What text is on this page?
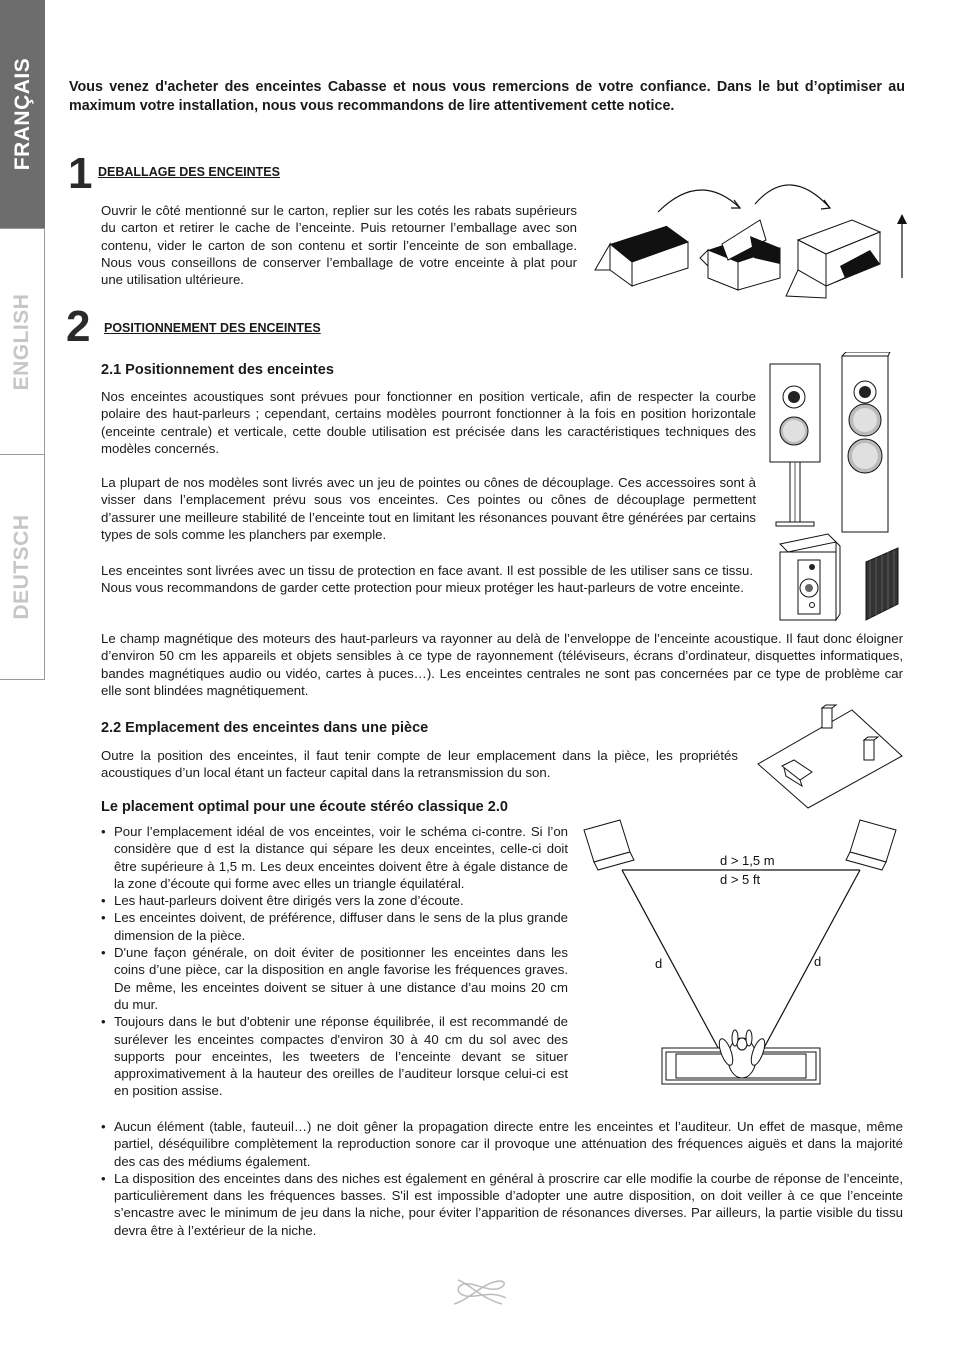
FRANÇAIS
ENGLISH
DEUTSCH
Vous venez d'acheter des enceintes Cabasse et nous vous remercions de votre confiance. Dans le but d’optimiser au maximum votre installation, nous vous recommandons de lire attentivement cette notice.
1 DEBALLAGE DES ENCEINTES

Ouvrir le côté mentionné sur le carton, replier sur les cotés les rabats supérieurs du carton et retirer le cache de l’enceinte. Puis retourner l’emballage avec son contenu, vider le carton de son contenu et sortir l’enceinte de son emballage. Nous vous conseillons de conserver l’emballage de votre enceinte à plat pour une utilisation ultérieure.

2 POSITIONNEMENT DES ENCEINTES
2.1 Positionnement des enceintes

Nos enceintes acoustiques sont prévues pour fonctionner en position verticale, afin de respecter la courbe polaire des haut-parleurs ; cependant, certains modèles pourront fonctionner à la fois en position horizontale (enceinte centrale) et verticale, cette double utilisation est précisée dans les caractéristiques techniques des modèles concernés.

La plupart de nos modèles sont livrés avec un jeu de pointes ou cônes de découplage. Ces accessoires sont à visser dans l’emplacement prévu sous vos enceintes. Ces pointes ou cônes de découplage permettent d’assurer une meilleure stabilité de l’enceinte tout en limitant les résonances pouvant être générées par certains types de sols comme les planchers par exemple.

Les enceintes sont livrées avec un tissu de protection en face avant. Il est possible de les utiliser sans ce tissu. Nous vous recommandons de garder cette protection pour mieux protéger les haut-parleurs de votre enceinte.

Le champ magnétique des moteurs des haut-parleurs va rayonner au delà de l’enveloppe de l’enceinte acoustique. Il faut donc éloigner d’environ 50 cm les appareils et objets sensibles à ce type de rayonnement (téléviseurs, écrans d’ordinateur, disquettes informatiques, bandes magnétiques audio ou vidéo, cartes à puces…). Les enceintes centrales ne sont pas concernées par ce type de problème car elle sont blindées magnétiquement.

2.2 Emplacement des enceintes dans une pièce

Outre la position des enceintes, il faut tenir compte de leur emplacement dans la pièce, les propriétés acoustiques d’un local étant un facteur capital dans la retransmission du son.

Le placement optimal pour une écoute stéréo classique 2.0
• Pour l’emplacement idéal de vos enceintes, voir le schéma ci-contre. Si l’on considère que d est la distance qui sépare les deux enceintes, celle-ci doit être supérieure à 1,5 m. Les deux enceintes doivent être à égale distance de la zone d’écoute qui forme avec elles un triangle équilatéral.
• Les haut-parleurs doivent être dirigés vers la zone d’écoute.
• Les enceintes doivent, de préférence, diffuser dans le sens de la plus grande dimension de la pièce.
• D'une façon générale, on doit éviter de positionner les enceintes dans les coins d’une pièce, car la disposition en angle favorise les fréquences graves. De même, les enceintes doivent se situer à une distance d’au moins 20 cm du mur.
• Toujours dans le but d'obtenir une réponse équilibrée, il est recommandé de surélever les enceintes compactes d'environ 30 à 40 cm du sol avec des supports pour enceintes, les tweeters de l’enceinte devant se situer approximativement à la hauteur des oreilles de l’auditeur lorsque celui-ci est en position assise.
• Aucun élément (table, fauteuil…) ne doit gêner la propagation directe entre les enceintes et l’auditeur. Un effet de masque, même partiel, déséquilibre complètement la reproduction sonore car il provoque une atténuation des fréquences aiguës et dans la majorité des cas des médiums également.
• La disposition des enceintes dans des niches est également en général à proscrire car elle modifie la courbe de réponse de l’enceinte, particulièrement dans les fréquences basses. S'il est impossible d’adopter une autre disposition, on doit veiller à ce que l’enceinte s’encastre avec le minimum de jeu dans la niche, pour éviter l’apparition de résonances diverses. Par ailleurs, la partie visible du tissu devra être à l’extérieur de la niche.
d > 1,5 m
d > 5 ft
d	d
